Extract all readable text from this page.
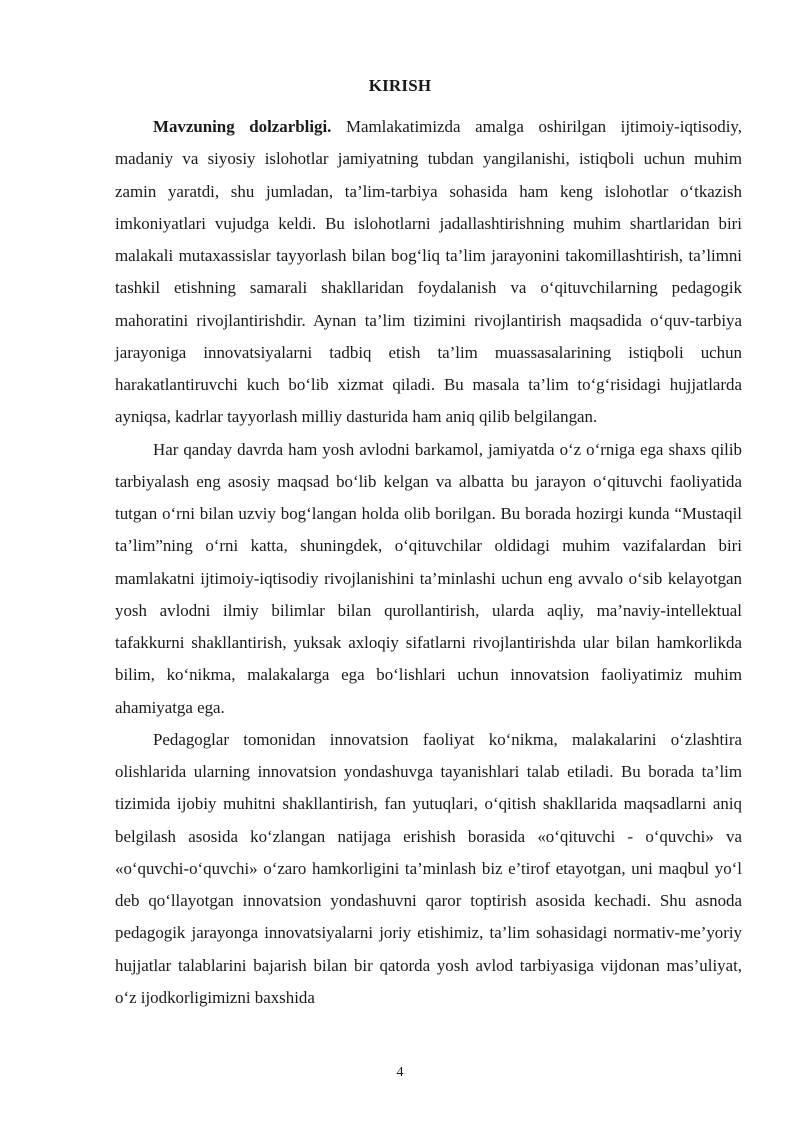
KIRISH

Mavzuning dolzarbligi. Mamlakatimizda amalga oshirilgan ijtimoiy-iqtisodiy, madaniy va siyosiy islohotlar jamiyatning tubdan yangilanishi, istiqboli uchun muhim zamin yaratdi, shu jumladan, ta’lim-tarbiya sohasida ham keng islohotlar o‘tkazish imkoniyatlari vujudga keldi. Bu islohotlarni jadallashtirishning muhim shartlaridan biri malakali mutaxassislar tayyorlash bilan bog‘liq ta’lim jarayonini takomillashtirish, ta’limni tashkil etishning samarali shakllaridan foydalanish va o‘qituvchilarning pedagogik mahoratini rivojlantirishdir. Aynan ta’lim tizimini rivojlantirish maqsadida o‘quv-tarbiya jarayoniga innovatsiyalarni tadbiq etish ta’lim muassasalarining istiqboli uchun harakatlantiruvchi kuch bo‘lib xizmat qiladi. Bu masala ta’lim to‘g‘risidagi hujjatlarda ayniqsa, kadrlar tayyorlash milliy dasturida ham aniq qilib belgilangan.

Har qanday davrda ham yosh avlodni barkamol, jamiyatda o‘z o‘rniga ega shaxs qilib tarbiyalash eng asosiy maqsad bo‘lib kelgan va albatta bu jarayon o‘qituvchi faoliyatida tutgan o‘rni bilan uzviy bog‘langan holda olib borilgan. Bu borada hozirgi kunda “Mustaqil ta’lim”ning o‘rni katta, shuningdek, o‘qituvchilar oldidagi muhim vazifalardan biri mamlakatni ijtimoiy-iqtisodiy rivojlanishini ta’minlashi uchun eng avvalo o‘sib kelayotgan yosh avlodni ilmiy bilimlar bilan qurollantirish, ularda aqliy, ma’naviy-intellektual tafakkurni shakllantirish, yuksak axloqiy sifatlarni rivojlantirishda ular bilan hamkorlikda bilim, ko‘nikma, malakalarga ega bo‘lishlari uchun innovatsion faoliyatimiz muhim ahamiyatga ega.

Pedagoglar tomonidan innovatsion faoliyat ko‘nikma, malakalarini o‘zlashtira olishlarida ularning innovatsion yondashuvga tayanishlari talab etiladi. Bu borada ta’lim tizimida ijobiy muhitni shakllantirish, fan yutuqlari, o‘qitish shakllarida maqsadlarni aniq belgilash asosida ko‘zlangan natijaga erishish borasida «o‘qituvchi - o‘quvchi» va «o‘quvchi-o‘quvchi» o‘zaro hamkorligini ta’minlash biz e’tirof etayotgan, uni maqbul yo‘l deb qo‘llayotgan innovatsion yondashuvni qaror toptirish asosida kechadi. Shu asnoda pedagogik jarayonga innovatsiyalarni joriy etishimiz, ta’lim sohasidagi normativ-me’yoriy hujjatlar talablarini bajarish bilan bir qatorda yosh avlod tarbiyasiga vijdonan mas’uliyat, o‘z ijodkorligimizni baxshida

4
